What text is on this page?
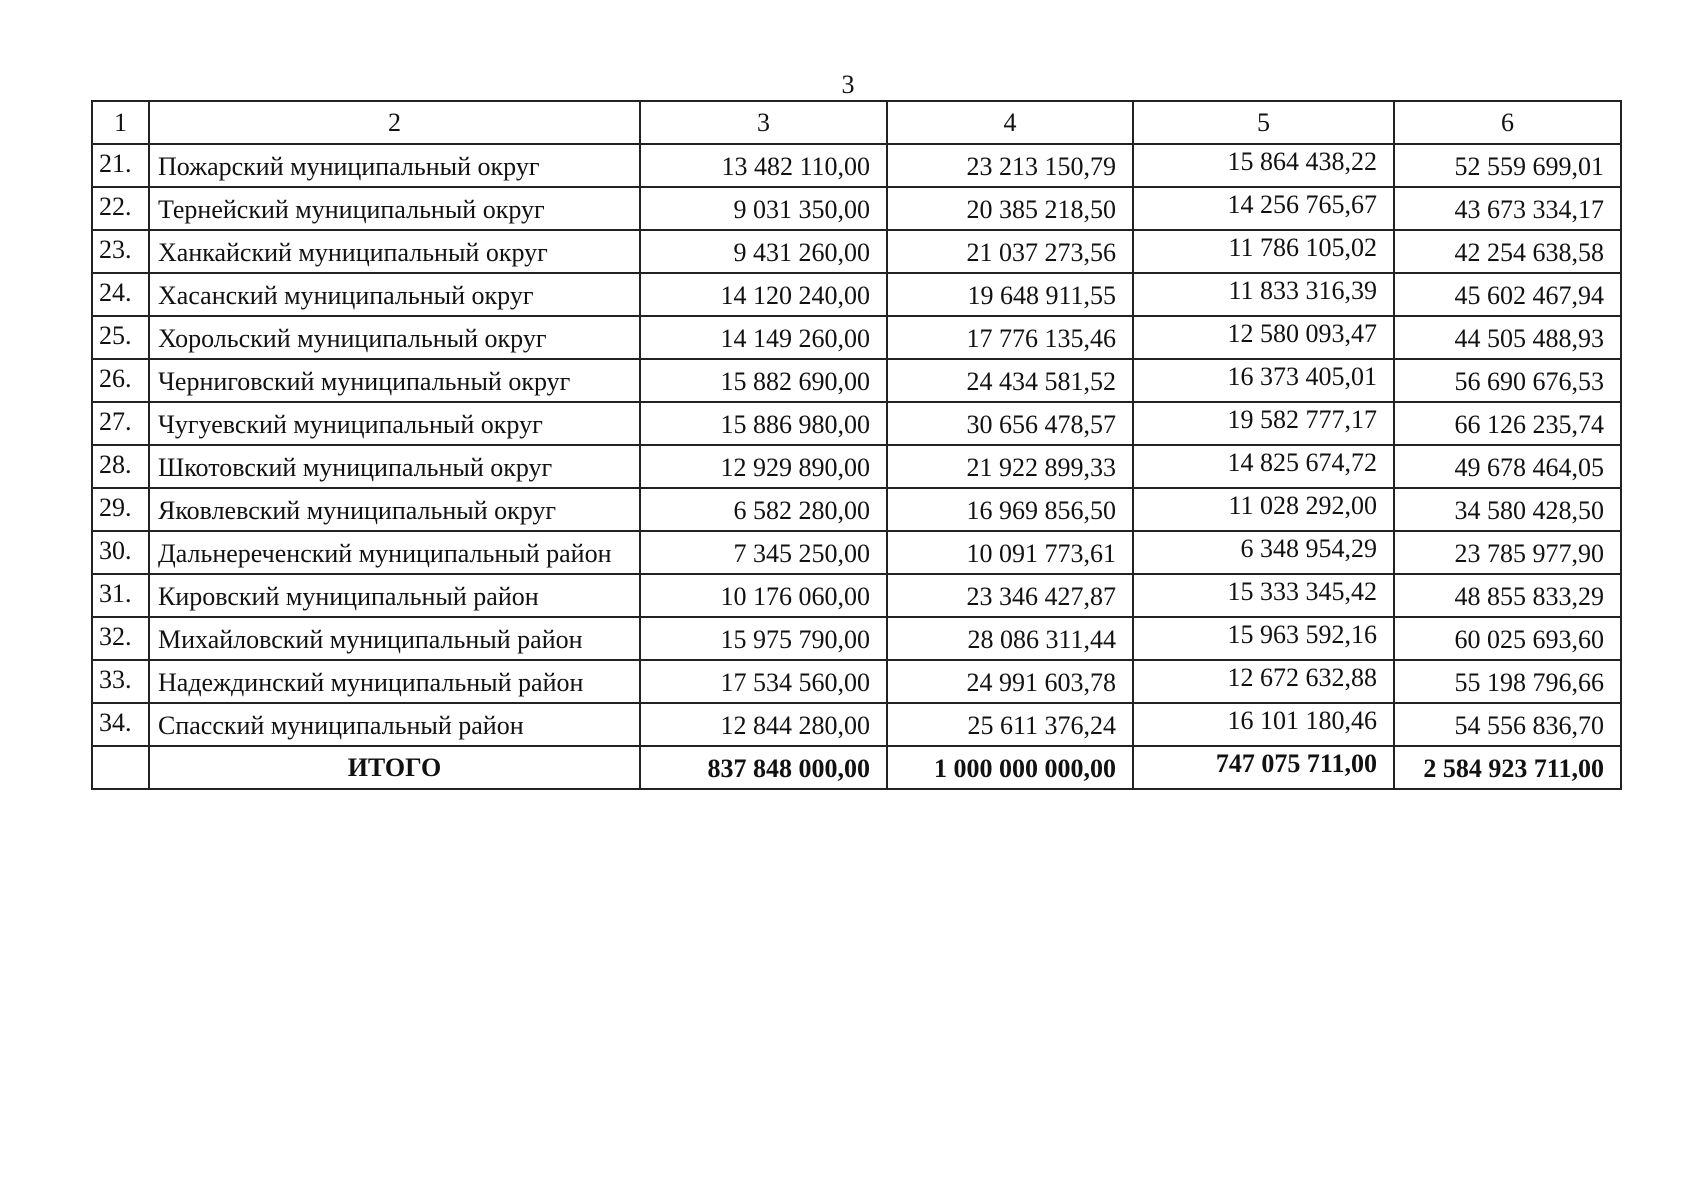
3
1	2	3	4	5	6
21.	Пожарский муниципальный округ	13 482 110,00	23 213 150,79	15 864 438,22	52 559 699,01
22.	Тернейский муниципальный округ	9 031 350,00	20 385 218,50	14 256 765,67	43 673 334,17
23.	Ханкайский муниципальный округ	9 431 260,00	21 037 273,56	11 786 105,02	42 254 638,58
24.	Хасанский муниципальный округ	14 120 240,00	19 648 911,55	11 833 316,39	45 602 467,94
25.	Хорольский муниципальный округ	14 149 260,00	17 776 135,46	12 580 093,47	44 505 488,93
26.	Черниговский муниципальный округ	15 882 690,00	24 434 581,52	16 373 405,01	56 690 676,53
27.	Чугуевский муниципальный округ	15 886 980,00	30 656 478,57	19 582 777,17	66 126 235,74
28.	Шкотовский муниципальный округ	12 929 890,00	21 922 899,33	14 825 674,72	49 678 464,05
29.	Яковлевский муниципальный округ	6 582 280,00	16 969 856,50	11 028 292,00	34 580 428,50
30.	Дальнереченский муниципальный район	7 345 250,00	10 091 773,61	6 348 954,29	23 785 977,90
31.	Кировский муниципальный район	10 176 060,00	23 346 427,87	15 333 345,42	48 855 833,29
32.	Михайловский муниципальный район	15 975 790,00	28 086 311,44	15 963 592,16	60 025 693,60
33.	Надеждинский муниципальный район	17 534 560,00	24 991 603,78	12 672 632,88	55 198 796,66
34.	Спасский муниципальный район	12 844 280,00	25 611 376,24	16 101 180,46	54 556 836,70
	ИТОГО	837 848 000,00	1 000 000 000,00	747 075 711,00	2 584 923 711,00
